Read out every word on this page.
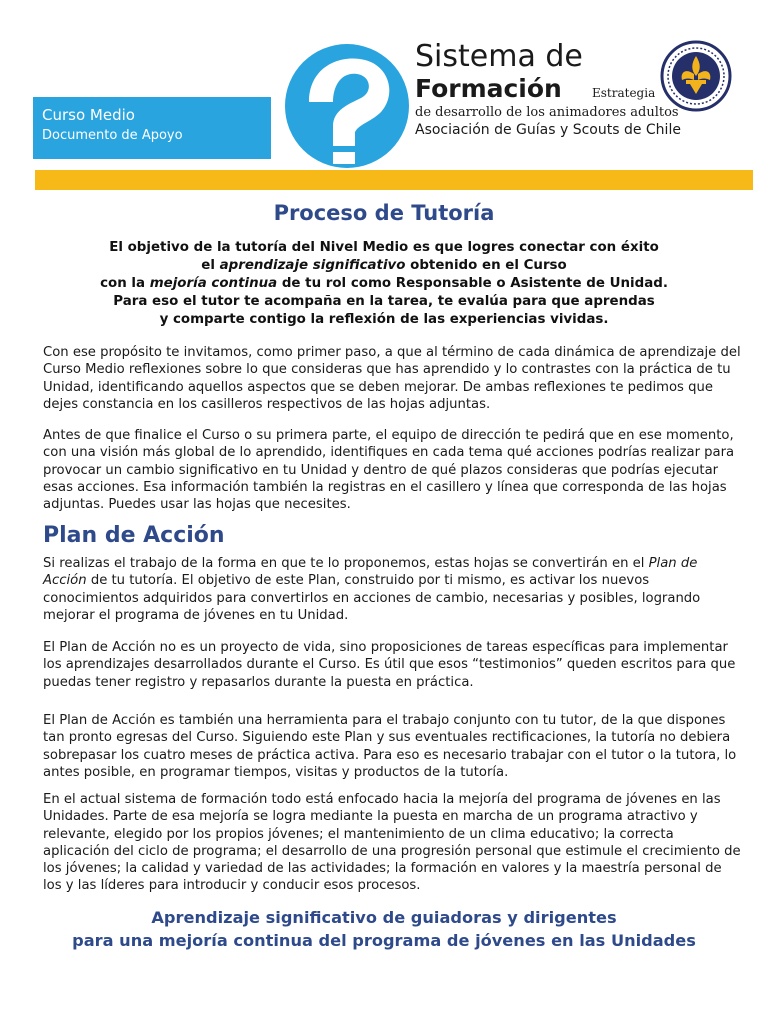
Curso Medio
Documento de Apoyo
Sistema de
Formación	Estrategia
de desarrollo de los animadores adultos
Asociación de Guías y Scouts de Chile
Proceso de Tutoría
El objetivo de la tutoría del Nivel Medio es que logres conectar con éxito
el aprendizaje significativo obtenido en el Curso
con la mejoría continua de tu rol como Responsable o Asistente de Unidad.
Para eso el tutor te acompaña en la tarea, te evalúa para que aprendas
y comparte contigo la reflexión de las experiencias vividas.
Con ese propósito te invitamos, como primer paso, a que al término de cada dinámica de aprendizaje del Curso Medio reflexiones sobre lo que consideras que has aprendido y lo contrastes con la práctica de tu Unidad, identificando aquellos aspectos que se deben mejorar. De ambas reflexiones te pedimos que dejes constancia en los casilleros respectivos de las hojas adjuntas.
Antes de que finalice el Curso o su primera parte, el equipo de dirección te pedirá que en ese momento, con una visión más global de lo aprendido, identifiques en cada tema qué acciones podrías realizar para provocar un cambio significativo en tu Unidad y dentro de qué plazos consideras que podrías ejecutar esas acciones. Esa información también la registras en el casillero y línea que corresponda de las hojas adjuntas. Puedes usar las hojas que necesites.
Plan de Acción
Si realizas el trabajo de la forma en que te lo proponemos, estas hojas se convertirán en el Plan de Acción de tu tutoría. El objetivo de este Plan, construido por ti mismo, es activar los nuevos conocimientos adquiridos para convertirlos en acciones de cambio, necesarias y posibles, logrando mejorar el programa de jóvenes en tu Unidad.
El Plan de Acción no es un proyecto de vida, sino proposiciones de tareas específicas para implementar los aprendizajes desarrollados durante el Curso. Es útil que esos “testimonios” queden escritos para que puedas tener registro y repasarlos durante la puesta en práctica.
El Plan de Acción es también una herramienta para el trabajo conjunto con tu tutor, de la que dispones tan pronto egresas del Curso. Siguiendo este Plan y sus eventuales rectificaciones, la tutoría no debiera sobrepasar los cuatro meses de práctica activa. Para eso es necesario trabajar con el tutor o la tutora, lo antes posible, en programar tiempos, visitas y productos de la tutoría.
En el actual sistema de formación todo está enfocado hacia la mejoría del programa de jóvenes en las Unidades. Parte de esa mejoría se logra mediante la puesta en marcha de un programa atractivo y relevante, elegido por los propios jóvenes; el mantenimiento de un clima educativo; la correcta aplicación del ciclo de programa; el desarrollo de una progresión personal que estimule el crecimiento de los jóvenes; la calidad y variedad de las actividades; la formación en valores y la maestría personal de los y las líderes para introducir y conducir esos procesos.
Aprendizaje significativo de guiadoras y dirigentes
para una mejoría continua del programa de jóvenes en las Unidades
